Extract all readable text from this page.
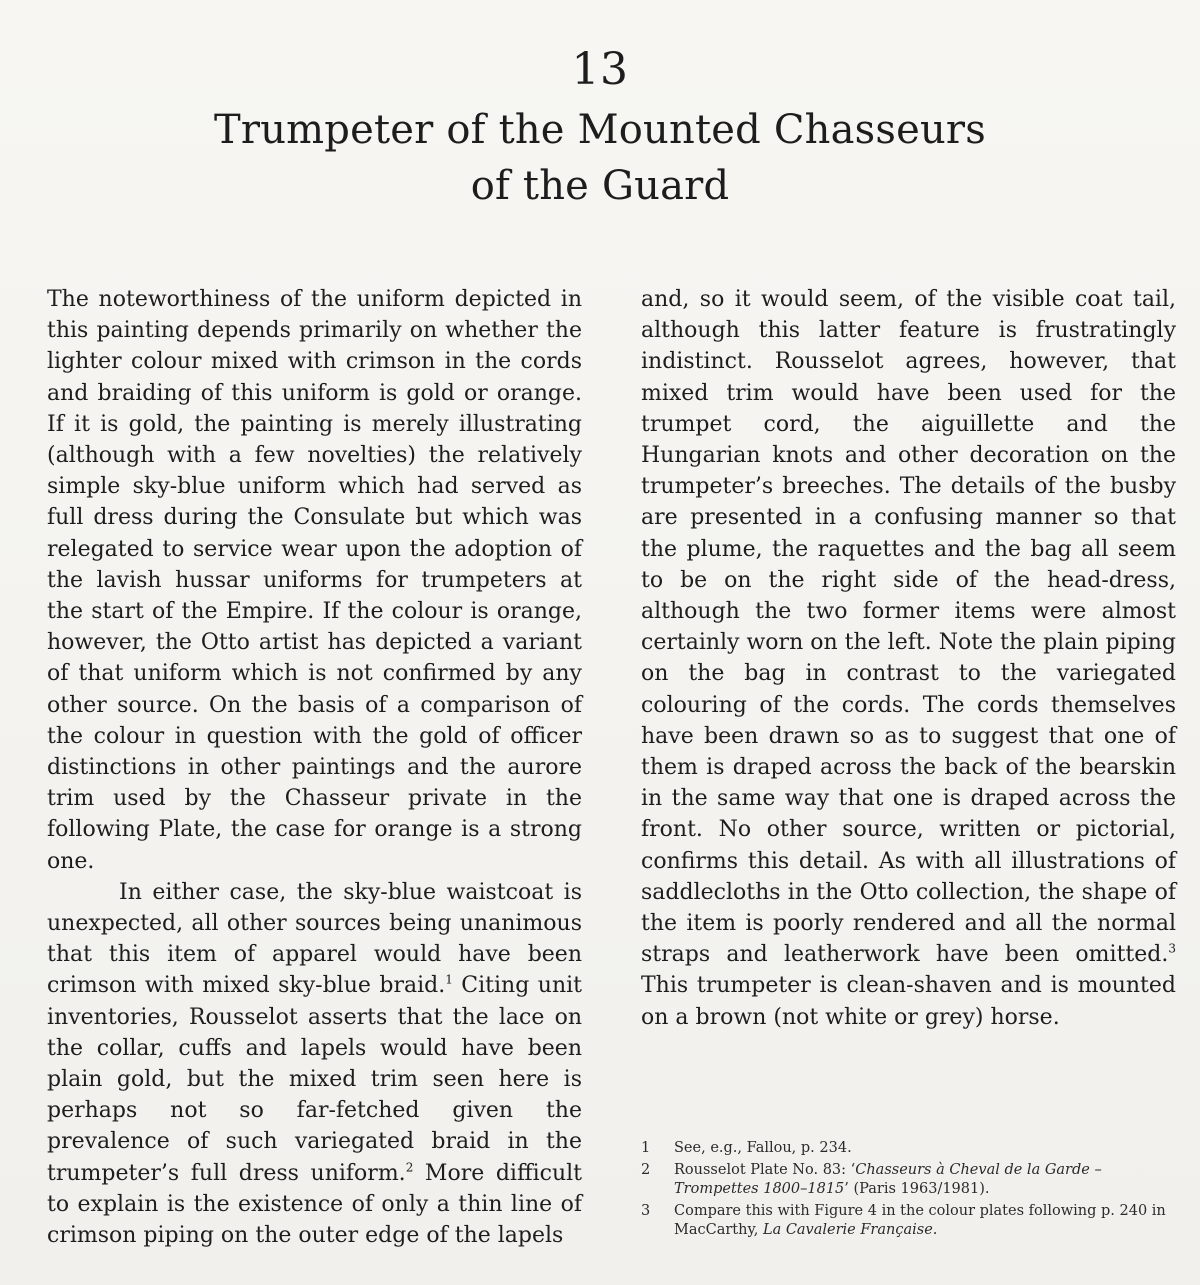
13
Trumpeter of the Mounted Chasseurs
of the Guard

The noteworthiness of the uniform depicted in this painting depends primarily on whether the lighter colour mixed with crimson in the cords and braiding of this uniform is gold or orange. If it is gold, the painting is merely illustrating (although with a few novelties) the relatively simple sky-blue uniform which had served as full dress during the Consulate but which was relegated to service wear upon the adoption of the lavish hussar uniforms for trumpeters at the start of the Empire. If the colour is orange, however, the Otto artist has depicted a variant of that uniform which is not confirmed by any other source. On the basis of a comparison of the colour in question with the gold of officer distinctions in other paintings and the aurore trim used by the Chasseur private in the following Plate, the case for orange is a strong one.

In either case, the sky-blue waistcoat is unexpected, all other sources being unanimous that this item of apparel would have been crimson with mixed sky-blue braid.$^1$ Citing unit inventories, Rousselot asserts that the lace on the collar, cuffs and lapels would have been plain gold, but the mixed trim seen here is perhaps not so far-fetched given the prevalence of such variegated braid in the trumpeter’s full dress uniform.$^2$ More difficult to explain is the existence of only a thin line of crimson piping on the outer edge of the lapels

and, so it would seem, of the visible coat tail, although this latter feature is frustratingly indistinct. Rousselot agrees, however, that mixed trim would have been used for the trumpet cord, the aiguillette and the Hungarian knots and other decoration on the trumpeter’s breeches. The details of the busby are presented in a confusing manner so that the plume, the raquettes and the bag all seem to be on the right side of the head-dress, although the two former items were almost certainly worn on the left. Note the plain piping on the bag in contrast to the variegated colouring of the cords. The cords themselves have been drawn so as to suggest that one of them is draped across the back of the bearskin in the same way that one is draped across the front. No other source, written or pictorial, confirms this detail. As with all illustrations of saddlecloths in the Otto collection, the shape of the item is poorly rendered and all the normal straps and leatherwork have been omitted.$^3$ This trumpeter is clean-shaven and is mounted on a brown (not white or grey) horse.

1	See, e.g., Fallou, p. 234.
2	Rousselot Plate No. 83: ‘Chasseurs à Cheval de la Garde –Trompettes 1800–1815’ (Paris 1963/1981).
3	Compare this with Figure 4 in the colour plates following p. 240 in MacCarthy, La Cavalerie Française.
